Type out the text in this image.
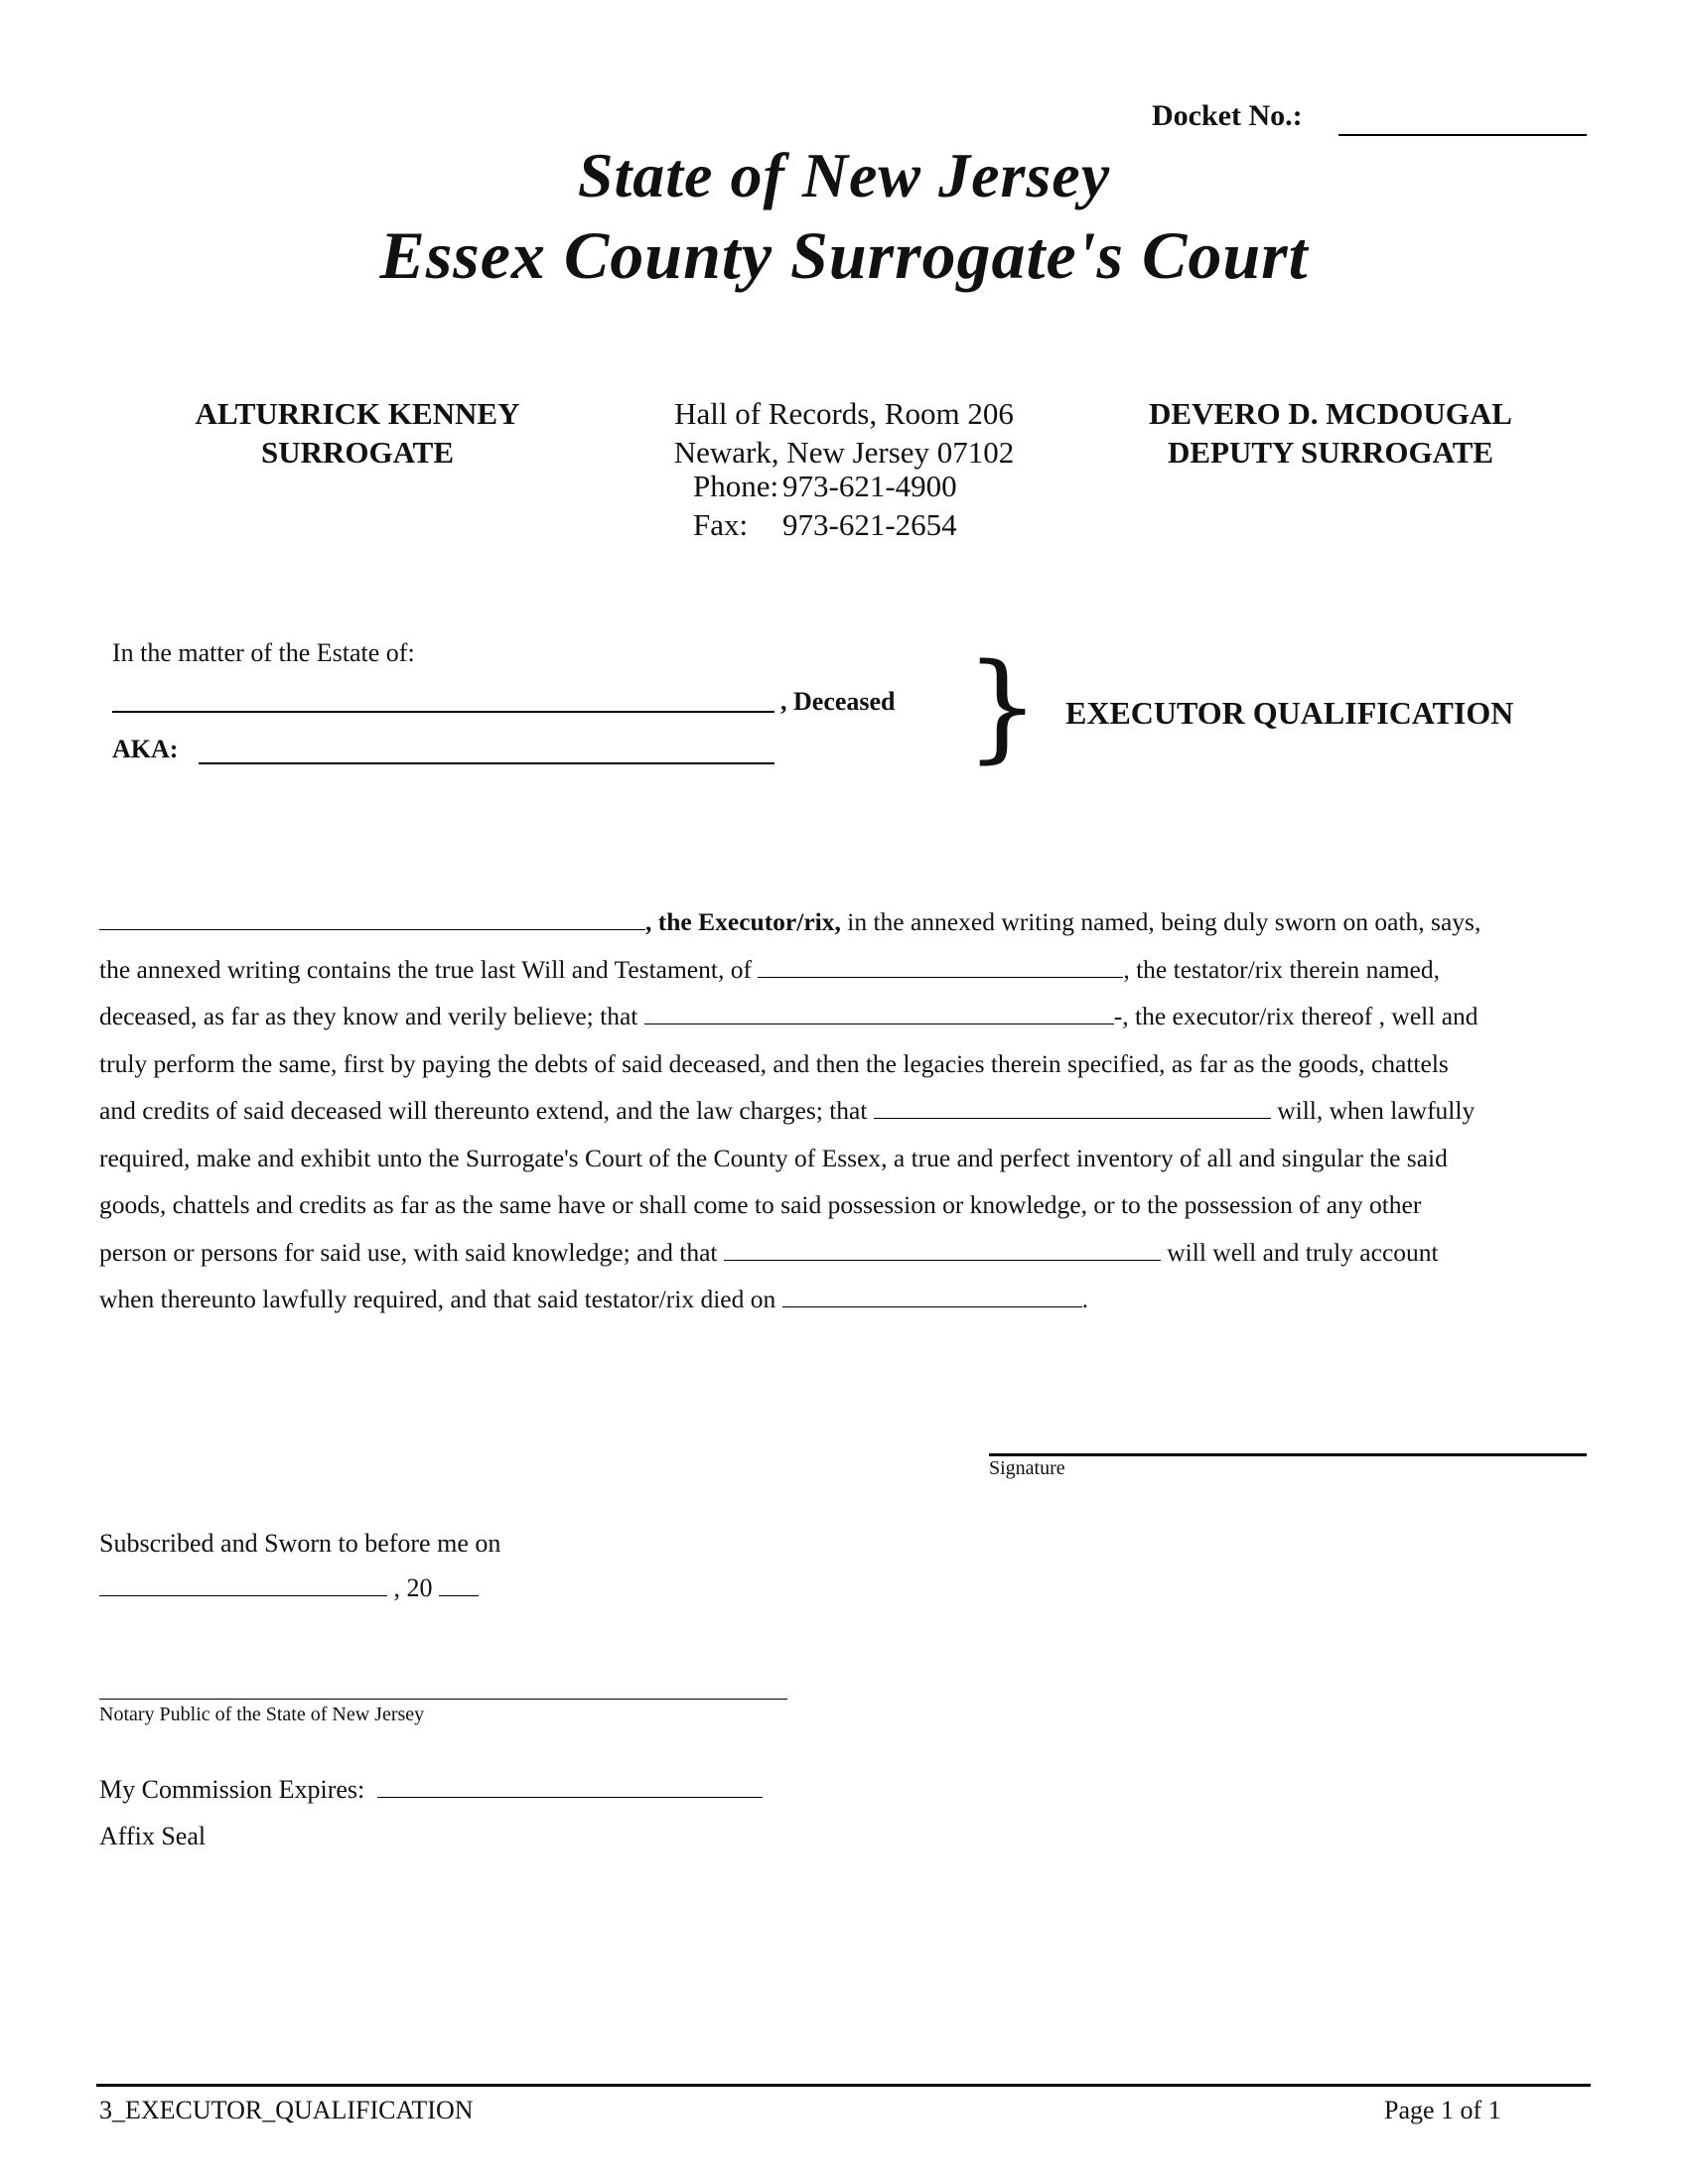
Docket No.:
State of New Jersey
Essex County Surrogate's Court
ALTURRICK KENNEY
SURROGATE
Hall of Records, Room 206
Newark, New Jersey 07102
Phone: 973-621-4900
Fax: 973-621-2654
DEVERO D. MCDOUGAL
DEPUTY SURROGATE
In the matter of the Estate of:
, Deceased
AKA:	} EXECUTOR QUALIFICATION

, the Executor/rix, in the annexed writing named, being duly sworn on oath, says,

the annexed writing contains the true last Will and Testament, of	, the testator/rix therein named,

deceased, as far as they know and verily believe; that	-, the executor/rix thereof , well and

truly perform the same, first by paying the debts of said deceased, and then the legacies therein specified, as far as the goods, chattels

and credits of said deceased will thereunto extend, and the law charges; that	will, when lawfully

required, make and exhibit unto the Surrogate's Court of the County of Essex, a true and perfect inventory of all and singular the said

goods, chattels and credits as far as the same have or shall come to said possession or knowledge, or to the possession of any other

person or persons for said use, with said knowledge; and that	will well and truly account

when thereunto lawfully required, and that said testator/rix died on	.

Signature
Subscribed and Sworn to before me on
, 20
Notary Public of the State of New Jersey
My Commission Expires:
Affix Seal
3_EXECUTOR_QUALIFICATION	Page 1 of 1
